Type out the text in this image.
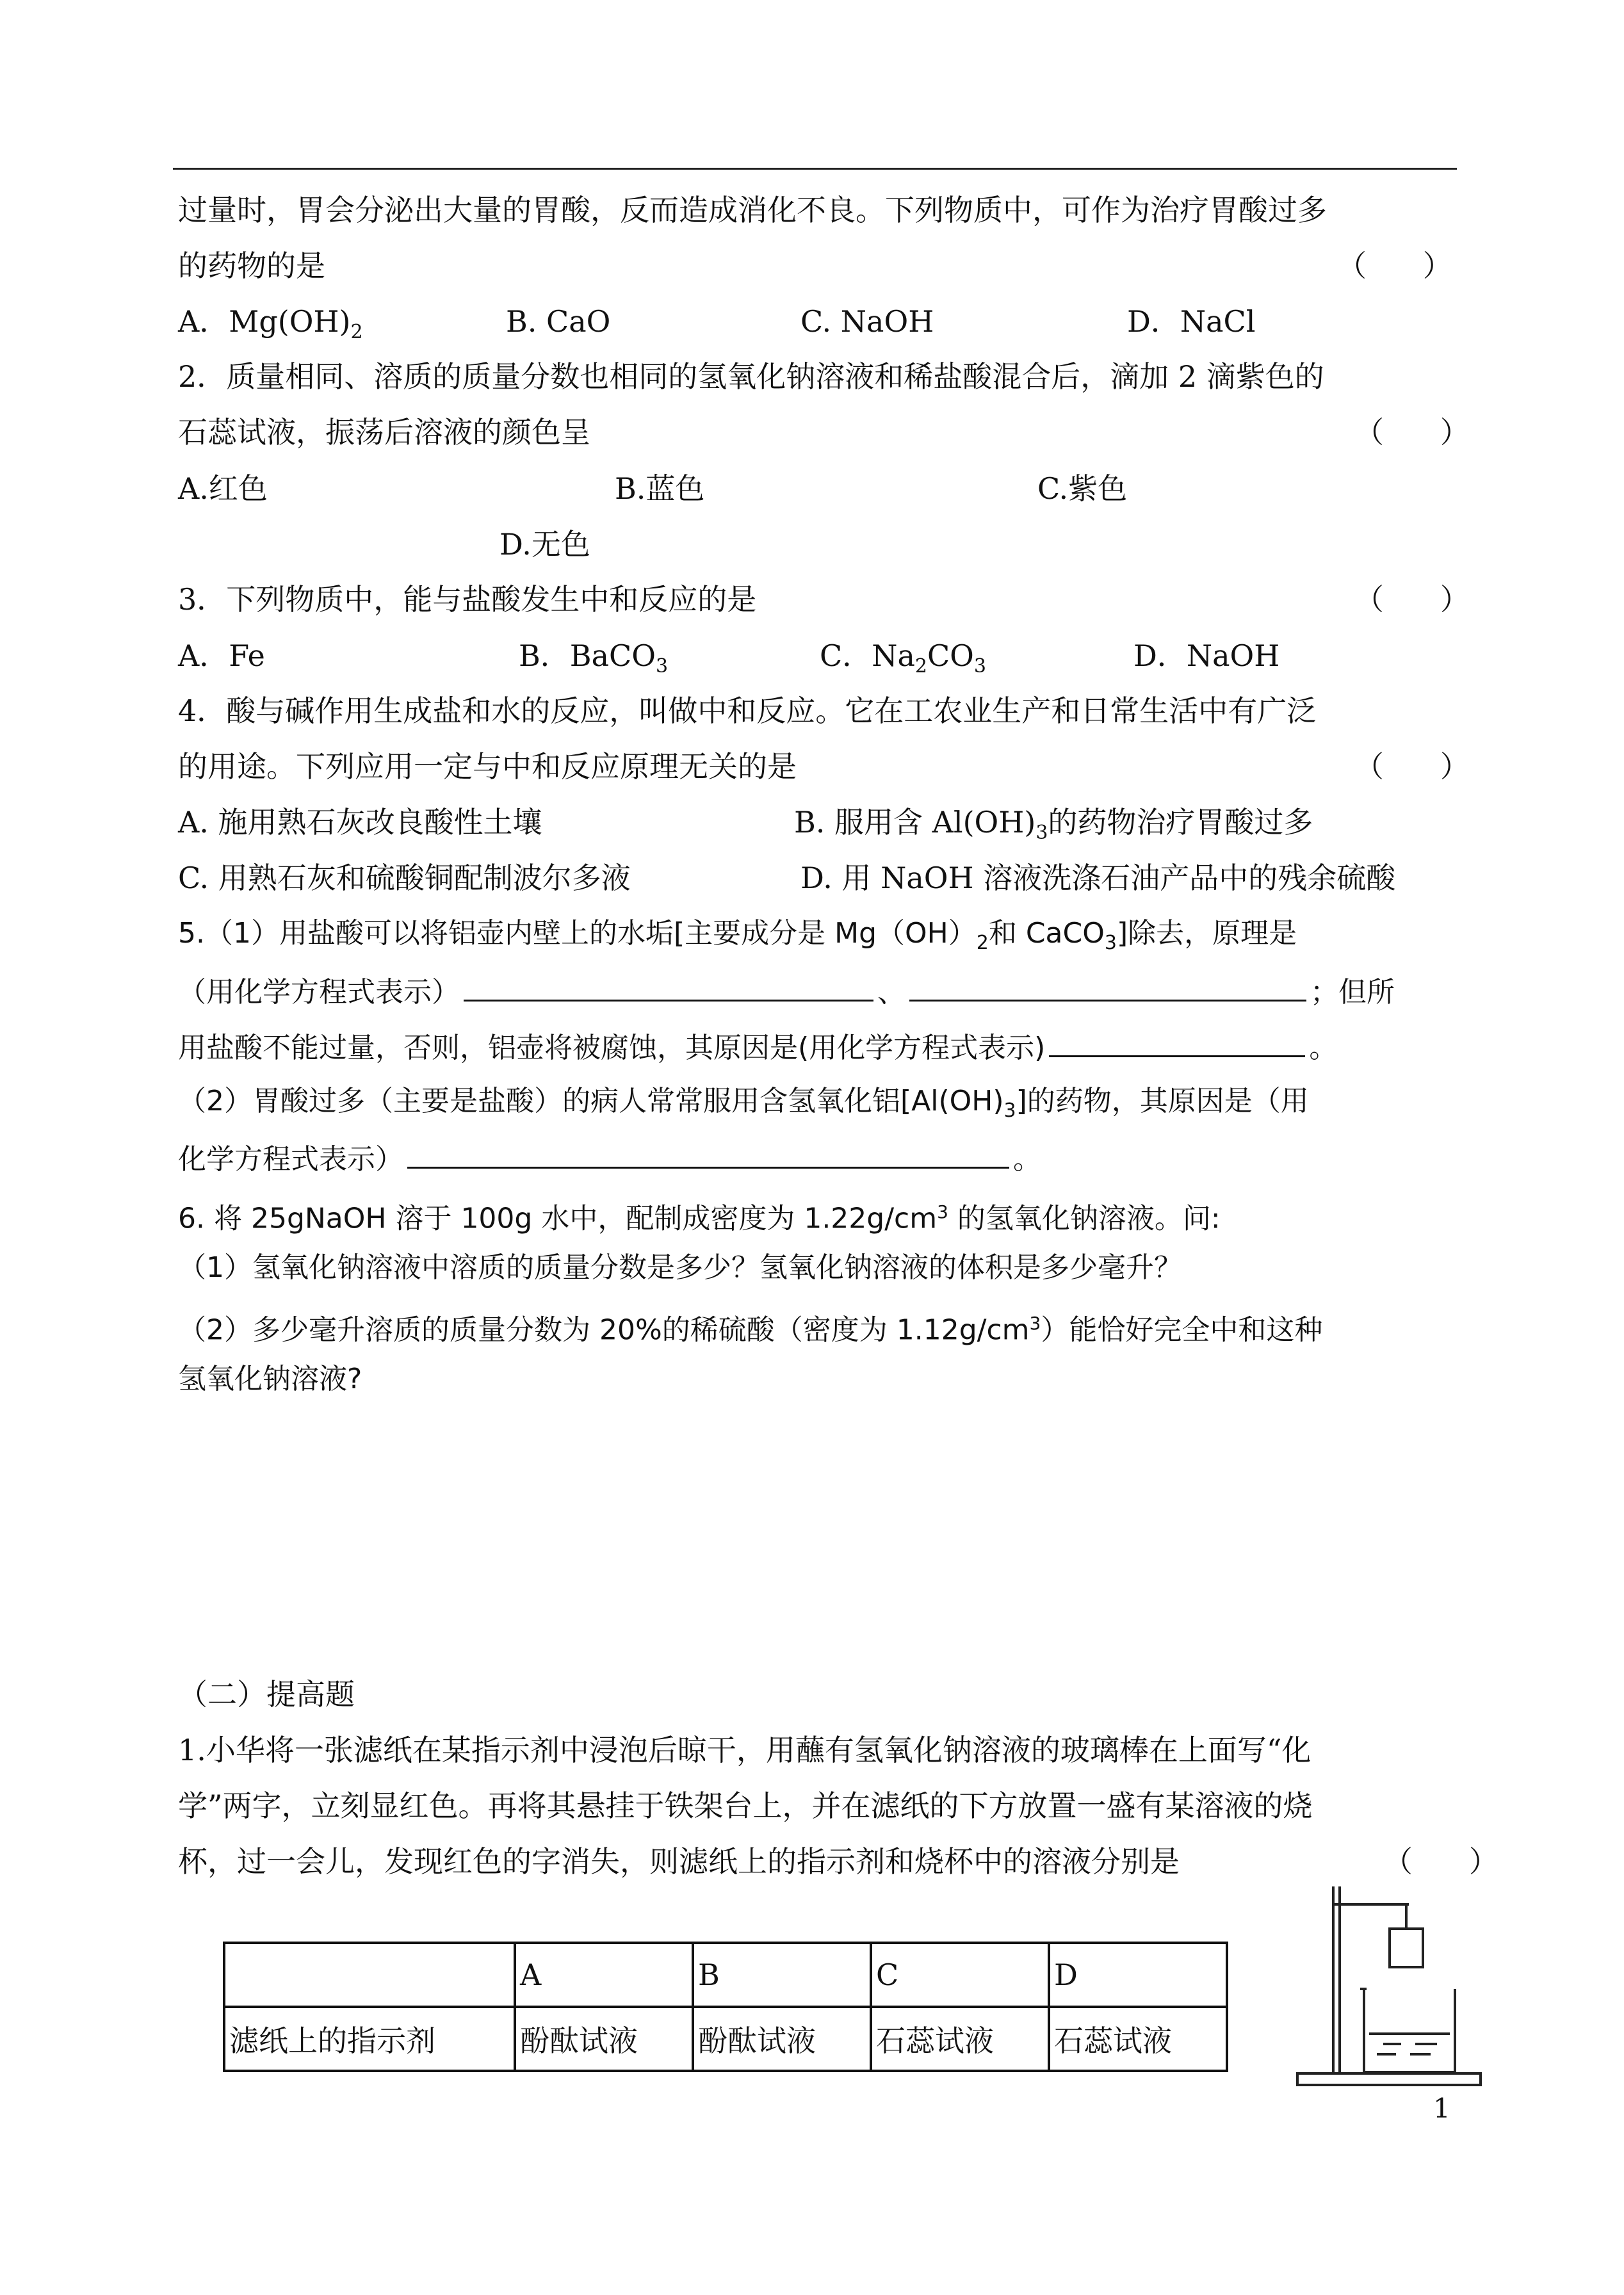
过量时，胃会分泌出大量的胃酸，反而造成消化不良。下列物质中，可作为治疗胃酸过多
的药物的是	（      ）
A．$Mg(OH)_2$	B. CaO	C. NaOH	D．NaCl
2．质量相同、溶质的质量分数也相同的氢氧化钠溶液和稀盐酸混合后，滴加 2 滴紫色的
石蕊试液，振荡后溶液的颜色呈	（      ）
A.红色	B.蓝色	C.紫色
D.无色
3．下列物质中，能与盐酸发生中和反应的是	（      ）
A．Fe	B．BaCO$_3$	C．$Na_2CO_3$	D．NaOH
4．酸与碱作用生成盐和水的反应，叫做中和反应。它在工农业生产和日常生活中有广泛
的用途。下列应用一定与中和反应原理无关的是	（      ）
A. 施用熟石灰改良酸性土壤	B. 服用含 $Al(OH)_3$的药物治疗胃酸过多
C. 用熟石灰和硫酸铜配制波尔多液	D. 用 NaOH 溶液洗涤石油产品中的残余硫酸
5.（1）用盐酸可以将铝壶内壁上的水垢[主要成分是 $Mg(OH)_2$和 CaCO$_3$]除去，原理是
（用化学方程式表示）	、	；但所
用盐酸不能过量，否则，铝壶将被腐蚀，其原因是(用化学方程式表示)	。
（2）胃酸过多（主要是盐酸）的病人常常服用含氢氧化铝$[Al(OH)_3]$的药物，其原因是（用
化学方程式表示）	。
6. 将 25gNaOH 溶于 100g 水中，配制成密度为 $1.22g/cm^3$ 的氢氧化钠溶液。问:
（1）氢氧化钠溶液中溶质的质量分数是多少？氢氧化钠溶液的体积是多少毫升？
（2）多少毫升溶质的质量分数为 20%的稀硫酸（密度为 $1.12g/cm^3$）能恰好完全中和这种
氢氧化钠溶液?
（二）提高题
1.小华将一张滤纸在某指示剂中浸泡后晾干，用蘸有氢氧化钠溶液的玻璃棒在上面写“化
学”两字，立刻显红色。再将其悬挂于铁架台上，并在滤纸的下方放置一盛有某溶液的烧
杯，过一会儿，发现红色的字消失，则滤纸上的指示剂和烧杯中的溶液分别是	（      ）
	A	B	C	D
滤纸上的指示剂	酚酞试液	酚酞试液	石蕊试液	石蕊试液
1
